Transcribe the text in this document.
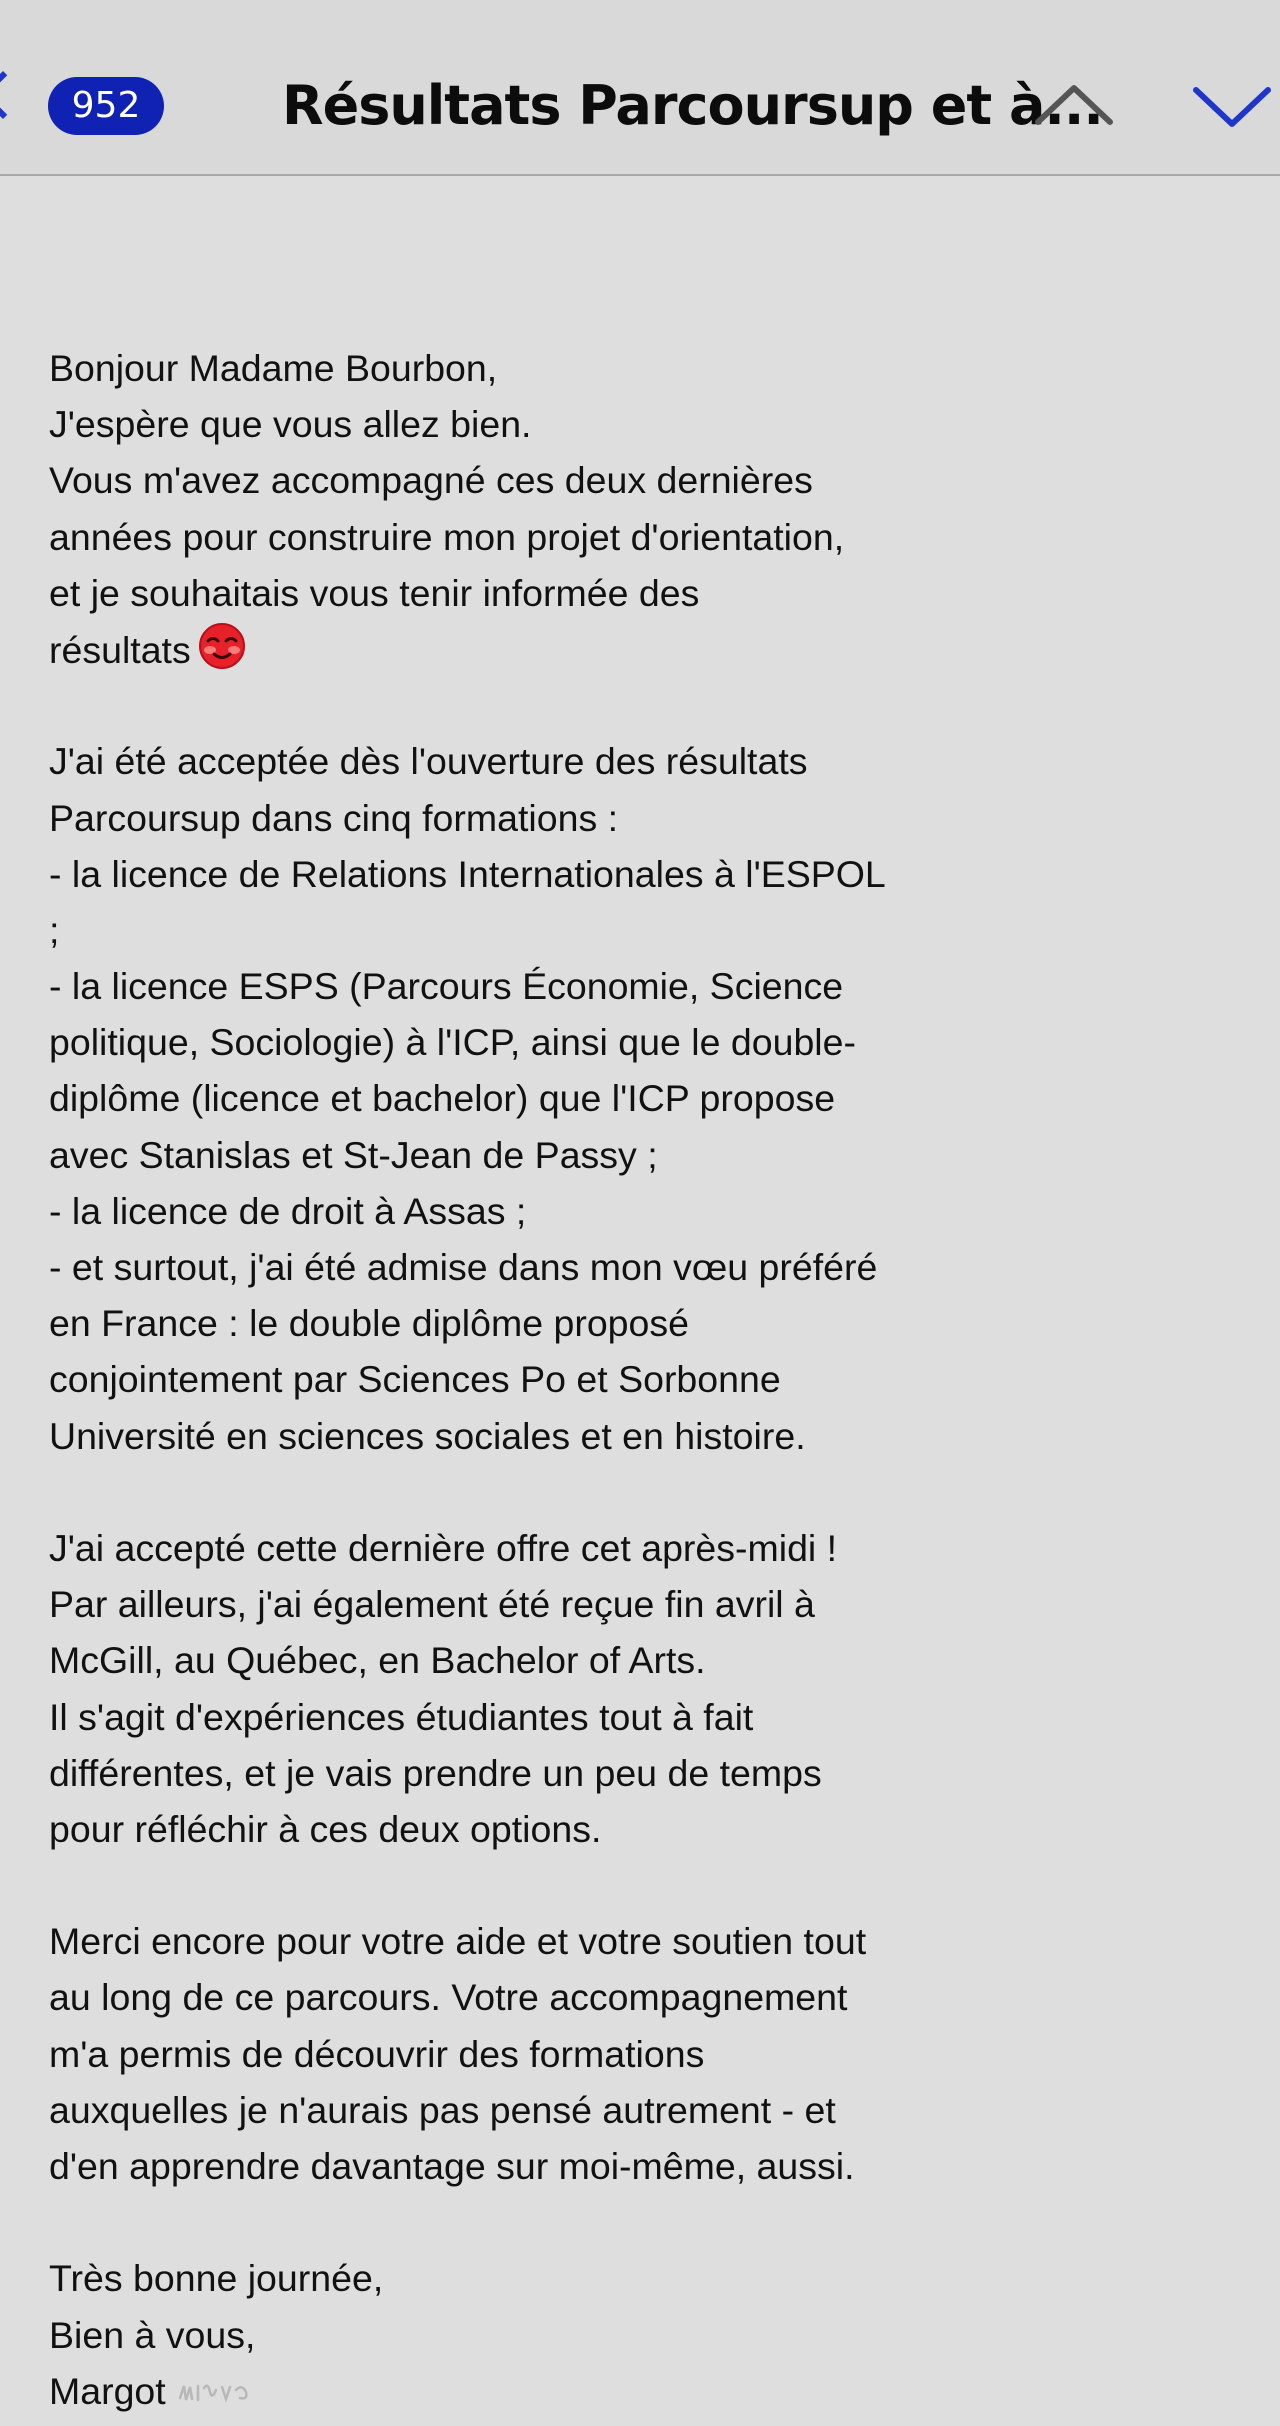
952	Résultats Parcoursup et à...
Bonjour Madame Bourbon,
J'espère que vous allez bien.
Vous m'avez accompagné ces deux dernières
années pour construire mon projet d'orientation,
et je souhaitais vous tenir informée des
résultats
J'ai été acceptée dès l'ouverture des résultats
Parcoursup dans cinq formations :
- la licence de Relations Internationales à l'ESPOL
;
- la licence ESPS (Parcours Économie, Science
politique, Sociologie) à l'ICP, ainsi que le double-
diplôme (licence et bachelor) que l'ICP propose
avec Stanislas et St-Jean de Passy ;
- la licence de droit à Assas ;
- et surtout, j'ai été admise dans mon vœu préféré
en France : le double diplôme proposé
conjointement par Sciences Po et Sorbonne
Université en sciences sociales et en histoire.
J'ai accepté cette dernière offre cet après-midi !
Par ailleurs, j'ai également été reçue fin avril à
McGill, au Québec, en Bachelor of Arts.
Il s'agit d'expériences étudiantes tout à fait
différentes, et je vais prendre un peu de temps
pour réfléchir à ces deux options.
Merci encore pour votre aide et votre soutien tout
au long de ce parcours. Votre accompagnement
m'a permis de découvrir des formations
auxquelles je n'aurais pas pensé autrement - et
d'en apprendre davantage sur moi-même, aussi.
Très bonne journée,
Bien à vous,
Margot
